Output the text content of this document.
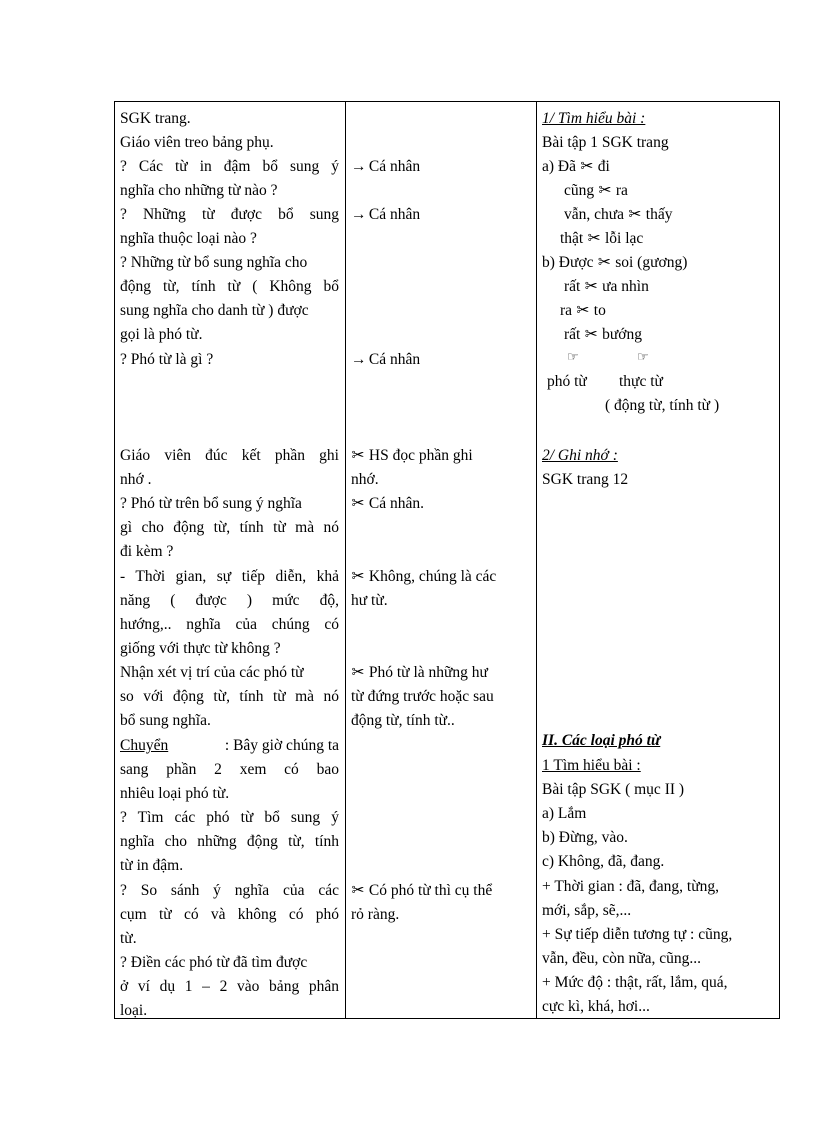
SGK trang.
Giáo viên treo bảng phụ.
? Các từ in đậm bổ sung ý
nghĩa cho những từ nào ?
? Những từ được bổ sung
nghĩa thuộc loại nào ?
? Những từ bổ sung nghĩa cho
động từ, tính từ ( Không bổ
sung nghĩa cho danh từ ) được
gọi là phó từ.
? Phó từ là gì ?
Giáo viên đúc kết phần ghi
nhớ .
? Phó từ trên bổ sung ý nghĩa
gì cho động từ, tính từ mà nó
đi kèm ?
- Thời gian, sự tiếp diễn, khả
năng ( được ) mức độ,
hướng,.. nghĩa của chúng có
giống với thực từ không ?
Nhận xét vị trí của các phó từ
so với động từ, tính từ mà nó
bổ sung nghĩa.
Chuyển	: Bây giờ chúng ta
sang phần 2 xem có bao
nhiêu loại phó từ.
? Tìm các phó từ bổ sung ý
nghĩa cho những động từ, tính
từ in đậm.
? So sánh ý nghĩa của các
cụm từ có và không có phó
từ.
? Điền các phó từ đã tìm được
ở ví dụ 1 – 2 vào bảng phân
loại.
→ Cá nhân
→ Cá nhân
→ Cá nhân
✂ HS đọc phần ghi
nhớ.
✂ Cá nhân.
✂ Không, chúng là các
hư từ.
✂ Phó từ là những hư
từ đứng trước hoặc sau
động từ, tính từ..
✂ Có phó từ thì cụ thể
rỏ ràng.
1/ Tìm hiểu bài :
Bài tập 1 SGK trang
a) Đã ✂ đi
cũng ✂ ra
vẫn, chưa ✂ thấy
thật ✂ lỗi lạc
b) Được ✂ soi (gương)
rất ✂ ưa nhìn
ra ✂ to
rất ✂ bướng
☞	☞
phó từ thực từ
( động từ, tính từ )
2/ Ghi nhớ :
SGK trang 12
II. Các loại phó từ
1 Tìm hiểu bài :
Bài tập SGK ( mục II )
a) Lắm
b) Đừng, vào.
c) Không, đã, đang.
+ Thời gian : đã, đang, từng,
mới, sắp, sẽ,...
+ Sự tiếp diễn tương tự : cũng,
vẫn, đều, còn nữa, cũng...
+ Mức độ : thật, rất, lắm, quá,
cực kì, khá, hơi...
